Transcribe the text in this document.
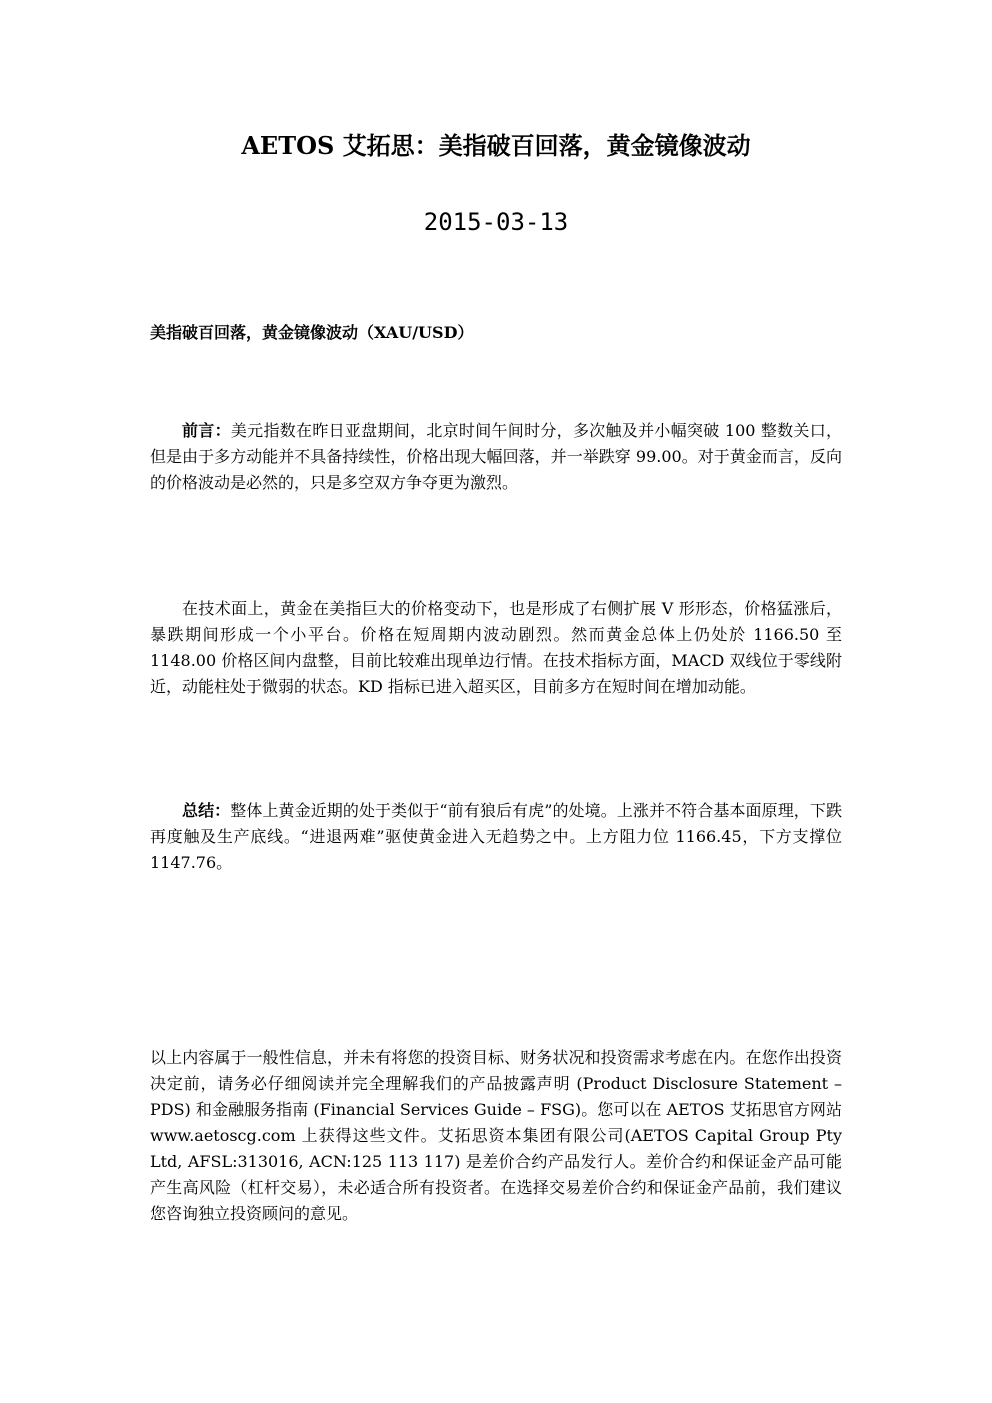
AETOS 艾拓思：美指破百回落，黄金镜像波动
2015-03-13
美指破百回落，黄金镜像波动（XAU/USD）

前言：美元指数在昨日亚盘期间，北京时间午间时分，多次触及并小幅突破 100 整数关口，但是由于多方动能并不具备持续性，价格出现大幅回落，并一举跌穿 99.00。对于黄金而言，反向的价格波动是必然的，只是多空双方争夺更为激烈。

在技术面上，黄金在美指巨大的价格变动下，也是形成了右侧扩展 V 形形态，价格猛涨后，暴跌期间形成一个小平台。价格在短周期内波动剧烈。然而黄金总体上仍处於 1166.50 至 1148.00 价格区间内盘整，目前比较难出现单边行情。在技术指标方面，MACD 双线位于零线附近，动能柱处于微弱的状态。KD 指标已进入超买区，目前多方在短时间在增加动能。

总结：整体上黄金近期的处于类似于“前有狼后有虎”的处境。上涨并不符合基本面原理，下跌再度触及生产底线。“进退两难”驱使黄金进入无趋势之中。上方阻力位 1166.45，下方支撑位 1147.76。

以上内容属于一般性信息，并未有将您的投资目标、财务状况和投资需求考虑在内。在您作出投资决定前，请务必仔细阅读并完全理解我们的产品披露声明 (Product Disclosure Statement – PDS) 和金融服务指南 (Financial Services Guide – FSG)。您可以在 AETOS 艾拓思官方网站 www.aetoscg.com 上获得这些文件。艾拓思资本集团有限公司(AETOS Capital Group Pty Ltd, AFSL:313016, ACN:125 113 117) 是差价合约产品发行人。差价合约和保证金产品可能产生高风险（杠杆交易），未必适合所有投资者。在选择交易差价合约和保证金产品前，我们建议您咨询独立投资顾问的意见。
